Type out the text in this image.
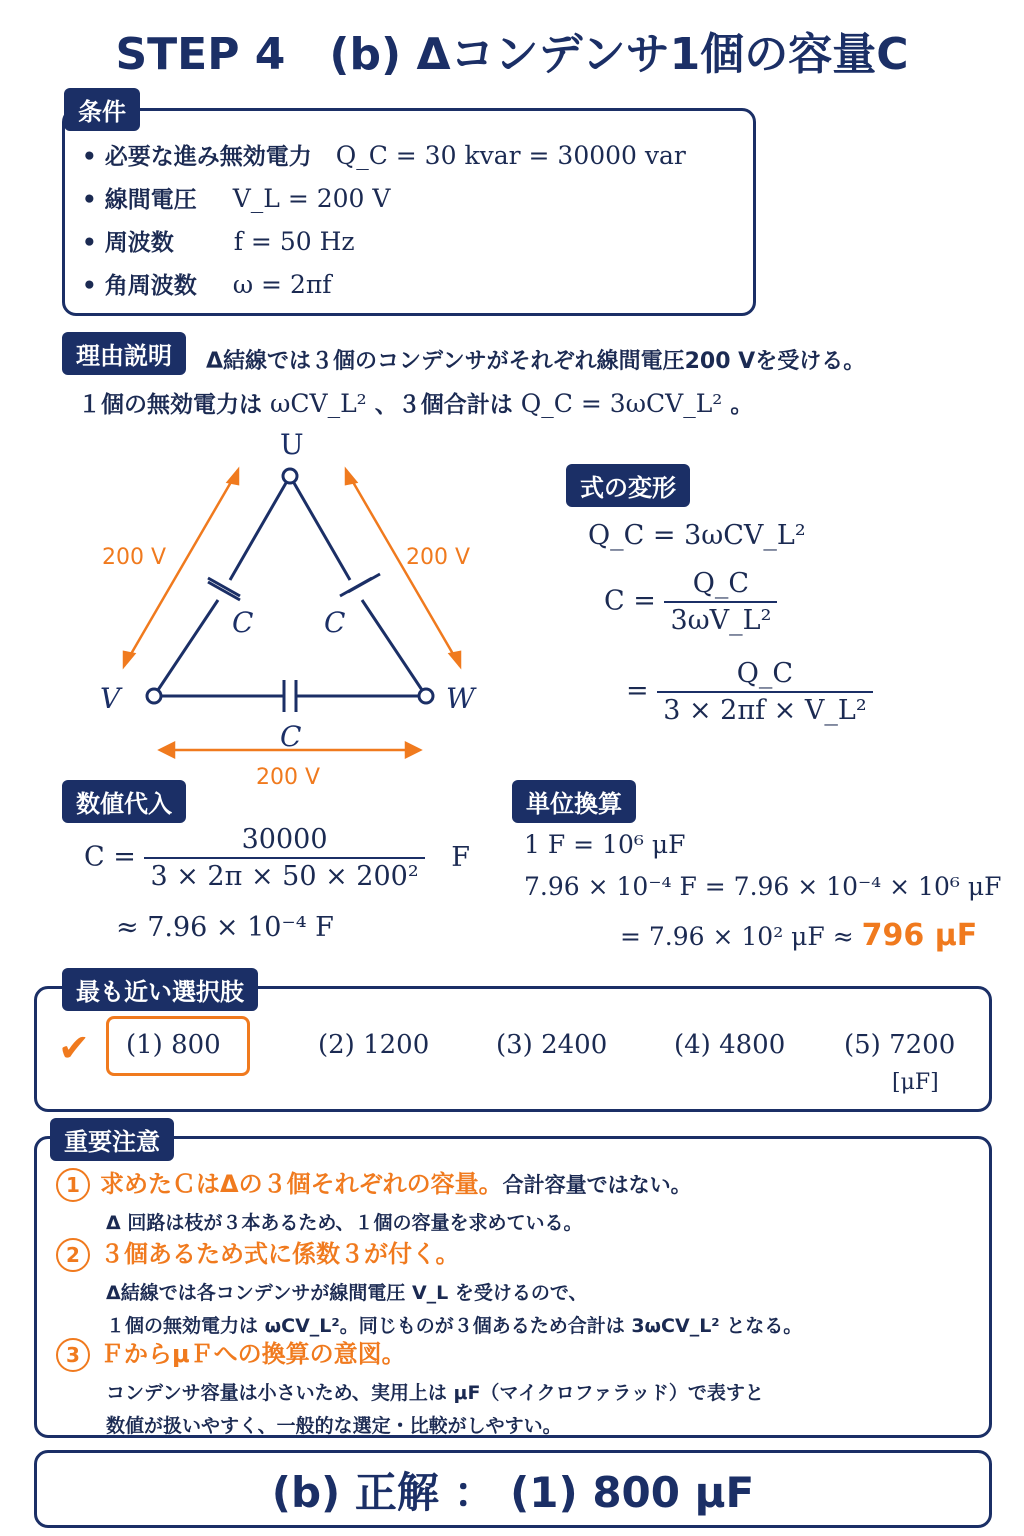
STEP 4　(b) Δコンデンサ1個の容量C
条件
• 必要な進み無効電力 Q_C = 30 kvar = 30000 var
• 線間電圧 V_L = 200 V
• 周波数 f = 50 Hz
• 角周波数 ω = 2πf
理由説明	Δ結線では３個のコンデンサがそれぞれ線間電圧200 Vを受ける。
１個の無効電力は ωCV_L² 、３個合計は Q_C = 3ωCV_L² 。
U
V	W
C	C
C
200 V	200 V
200 V
式の変形
Q_C = 3ωCV_L²
$C = \frac{Q\_C}{\text{3ωV\_L²}}$
= $\frac{Q\_C}{\text{3 × 2πf × V\_L²}}$
数値代入
$C = \frac{30000}{\text{3 × 2π × 50 × 200²}}$ F
≈ 7.96 × 10⁻⁴ F
単位換算
1 F = 10⁶ μF
7.96 × 10⁻⁴ F = 7.96 × 10⁻⁴ × 10⁶ μF
= 7.96 × 10² μF ≈ 796 μF
最も近い選択肢
✔ (1) 800	(2) 1200	(3) 2400	(4) 4800 (5) 7200
[μF]
重要注意
1 求めたＣはΔの３個それぞれの容量。合計容量ではない。
Δ 回路は枝が３本あるため、１個の容量を求めている。
2 ３個あるため式に係数３が付く。
Δ結線では各コンデンサが線間電圧 V_L を受けるので、
１個の無効電力は ωCV_L²。同じものが３個あるため合計は 3ωCV_L² となる。
3 ＦからμＦへの換算の意図。
コンデンサ容量は小さいため、実用上は μF（マイクロファラッド）で表すと
数値が扱いやすく、一般的な選定・比較がしやすい。
(b) 正解 ： (1) 800 μF
